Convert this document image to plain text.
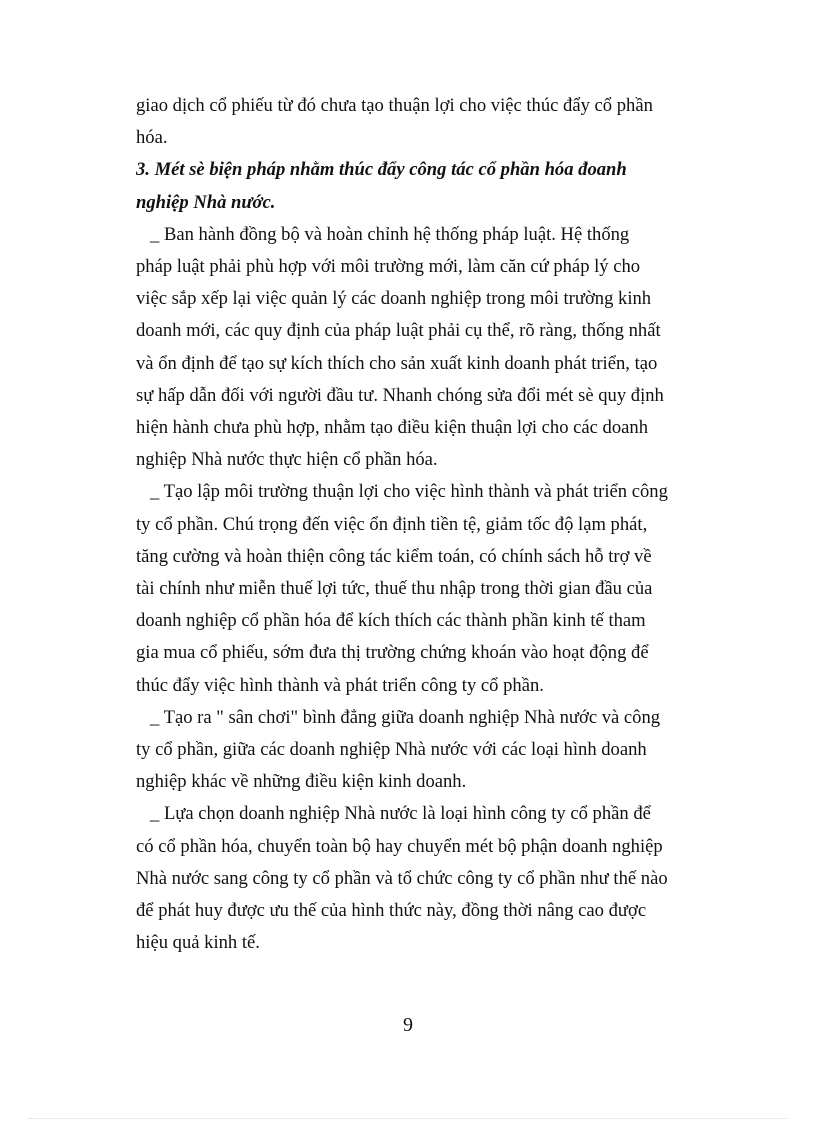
giao dịch cổ phiếu từ đó chưa tạo thuận lợi cho việc thúc đẩy cổ phần
hóa.
3. Mét sè biện pháp nhằm thúc đẩy công tác cổ phần hóa đoanh
nghiệp Nhà nước.
_ Ban hành đồng bộ và hoàn chỉnh hệ thống pháp luật. Hệ thống
pháp luật phải phù hợp với môi trường mới, làm căn cứ pháp lý cho
việc sắp xếp lại việc quản lý các doanh nghiệp trong môi trường kinh
doanh mới, các quy định của pháp luật phải cụ thể, rõ ràng, thống nhất
và ổn định để tạo sự kích thích cho sản xuất kinh doanh phát triển, tạo
sự hấp dẫn đối với người đầu tư. Nhanh chóng sửa đổi mét sè quy định
hiện hành chưa phù hợp, nhằm tạo điều kiện thuận lợi cho các doanh
nghiệp Nhà nước thực hiện cổ phần hóa.
_ Tạo lập môi trường thuận lợi cho việc hình thành và phát triển công
ty cổ phần. Chú trọng đến việc ổn định tiền tệ, giảm tốc độ lạm phát,
tăng cường và hoàn thiện công tác kiểm toán, có chính sách hỗ trợ về
tài chính như miễn thuế lợi tức, thuế thu nhập trong thời gian đầu của
doanh nghiệp cổ phần hóa để kích thích các thành phần kinh tế tham
gia mua cổ phiếu, sớm đưa thị trường chứng khoán vào hoạt động để
thúc đẩy việc hình thành và phát triển công ty cổ phần.
_ Tạo ra " sân chơi" bình đẳng giữa doanh nghiệp Nhà nước và công
ty cổ phần, giữa các doanh nghiệp Nhà nước với các loại hình doanh
nghiệp khác về những điều kiện kinh doanh.
_ Lựa chọn doanh nghiệp Nhà nước là loại hình công ty cổ phần để
có cổ phần hóa, chuyển toàn bộ hay chuyển mét bộ phận doanh nghiệp
Nhà nước sang công ty cổ phần và tổ chức công ty cổ phần như thế nào
để phát huy được ưu thế của hình thức này, đồng thời nâng cao được
hiệu quả kinh tế.
9
